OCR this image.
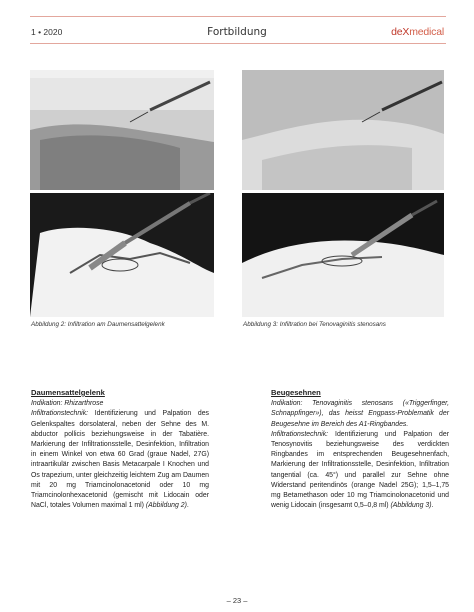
1 • 2020	Fortbildung	deXmedical
Abbildung 2: Infiltration am Daumensattelgelenk	Abbildung 3: Infiltration bei Tenovaginitis stenosans
Daumensattelgelenk

Indikation: Rhizarthrose

Infiltrationstechnik: Identifizierung und Palpation des Gelenkspaltes dorsolateral, neben der Sehne des M. abductor pollicis beziehungsweise in der Tabatière. Markierung der Infiltrationsstelle, Desinfektion, Infiltration in einem Winkel von etwa 60 Grad (graue Nadel, 27G) intraartikulär zwischen Basis Metacarpale I Knochen und Os trapezium, unter gleichzeitig leichtem Zug am Daumen mit 20 mg Triamcinolonacetonid oder 10 mg Triamcinolonhexacetonid (gemischt mit Lidocain oder NaCl, totales Volumen maximal 1 ml) (Abbildung 2).

Beugesehnen

Indikation: Tenovaginitis stenosans («Triggerfinger, Schnappfinger»), das heisst Engpass-Problematik der Beugesehne im Bereich des A1-Ringbandes.

Infiltrationstechnik: Identifizierung und Palpation der Tenosynovitis beziehungsweise des verdickten Ringbandes im entsprechenden Beugesehnenfach, Markierung der Infiltrationsstelle, Desinfektion, Infiltration tangential (ca. 45°) und parallel zur Sehne ohne Widerstand peritendinös (orange Nadel 25G); 1,5–1,75 mg Betamethason oder 10 mg Triamcinolonacetonid und wenig Lidocain (insgesamt 0,5–0,8 ml) (Abbildung 3).

– 23 –
